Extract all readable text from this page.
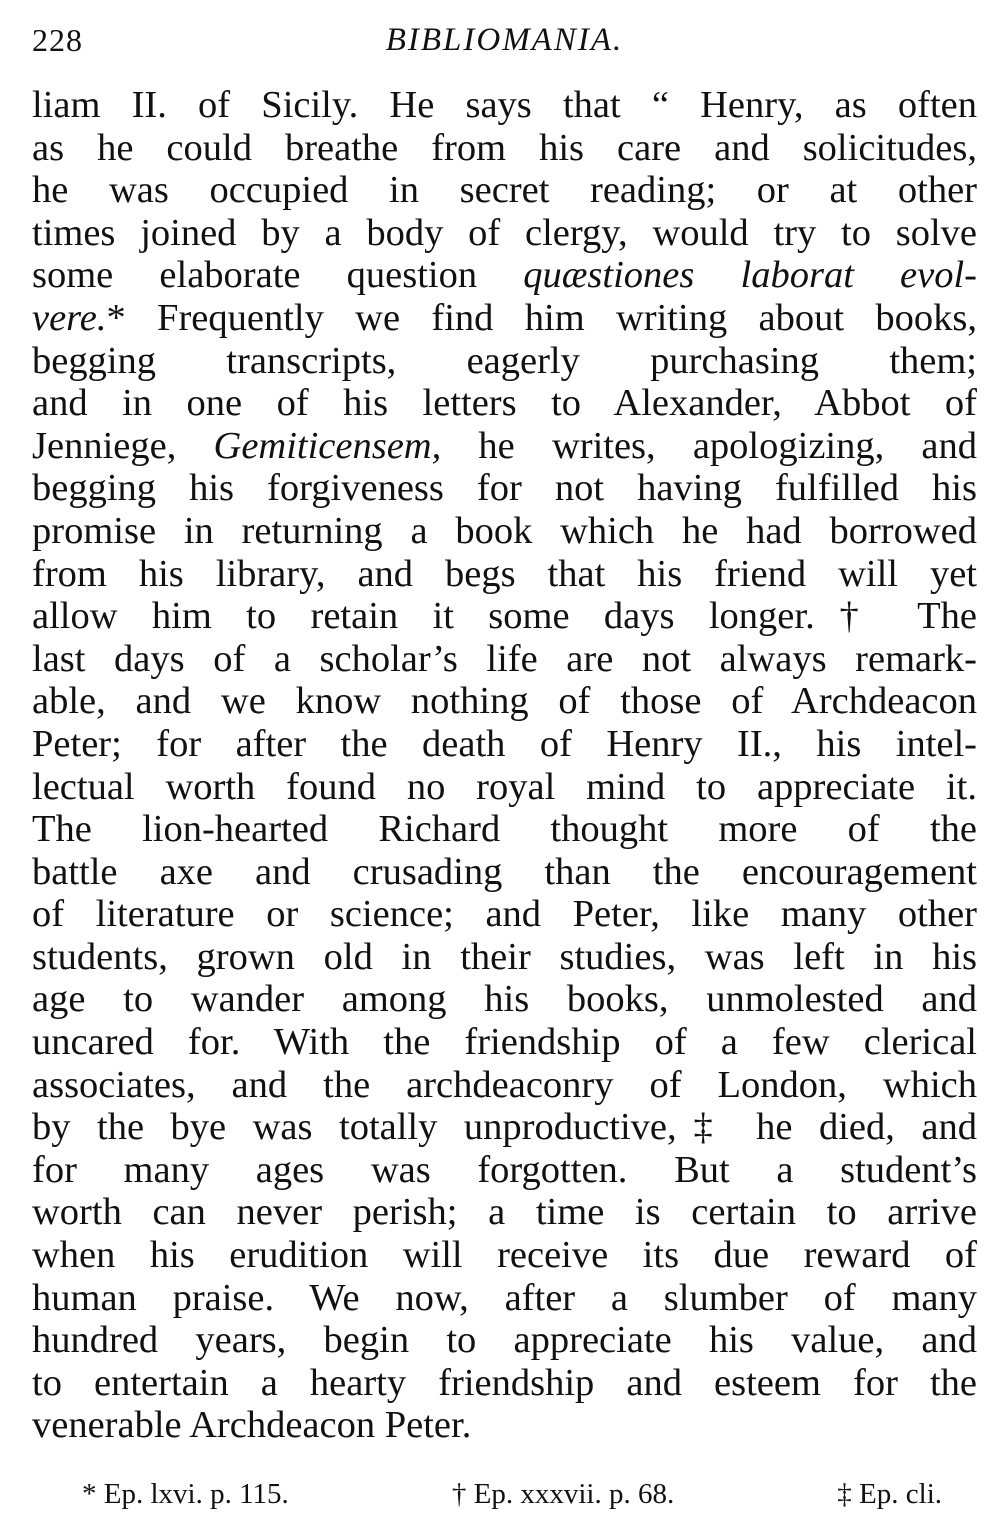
228	BIBLIOMANIA.
liam II. of Sicily. He says that “ Henry, as often
as he could breathe from his care and solicitudes,
he was occupied in secret reading; or at other
times joined by a body of clergy, would try to solve
some elaborate question quæstiones laborat evol-
vere.* Frequently we find him writing about books,
begging transcripts, eagerly purchasing them;
and in one of his letters to Alexander, Abbot of
Jenniege, Gemiticensem, he writes, apologizing, and
begging his forgiveness for not having fulfilled his
promise in returning a book which he had borrowed
from his library, and begs that his friend will yet
allow him to retain it some days longer.† The
last days of a scholar’s life are not always remark-
able, and we know nothing of those of Archdeacon
Peter; for after the death of Henry II., his intel-
lectual worth found no royal mind to appreciate it.
The lion-hearted Richard thought more of the
battle axe and crusading than the encouragement
of literature or science; and Peter, like many other
students, grown old in their studies, was left in his
age to wander among his books, unmolested and
uncared for. With the friendship of a few clerical
associates, and the archdeaconry of London, which
by the bye was totally unproductive,‡ he died, and
for many ages was forgotten. But a student’s
worth can never perish; a time is certain to arrive
when his erudition will receive its due reward of
human praise. We now, after a slumber of many
hundred years, begin to appreciate his value, and
to entertain a hearty friendship and esteem for the
venerable Archdeacon Peter.
* Ep. lxvi. p. 115.	† Ep. xxxvii. p. 68.	‡ Ep. cli.
